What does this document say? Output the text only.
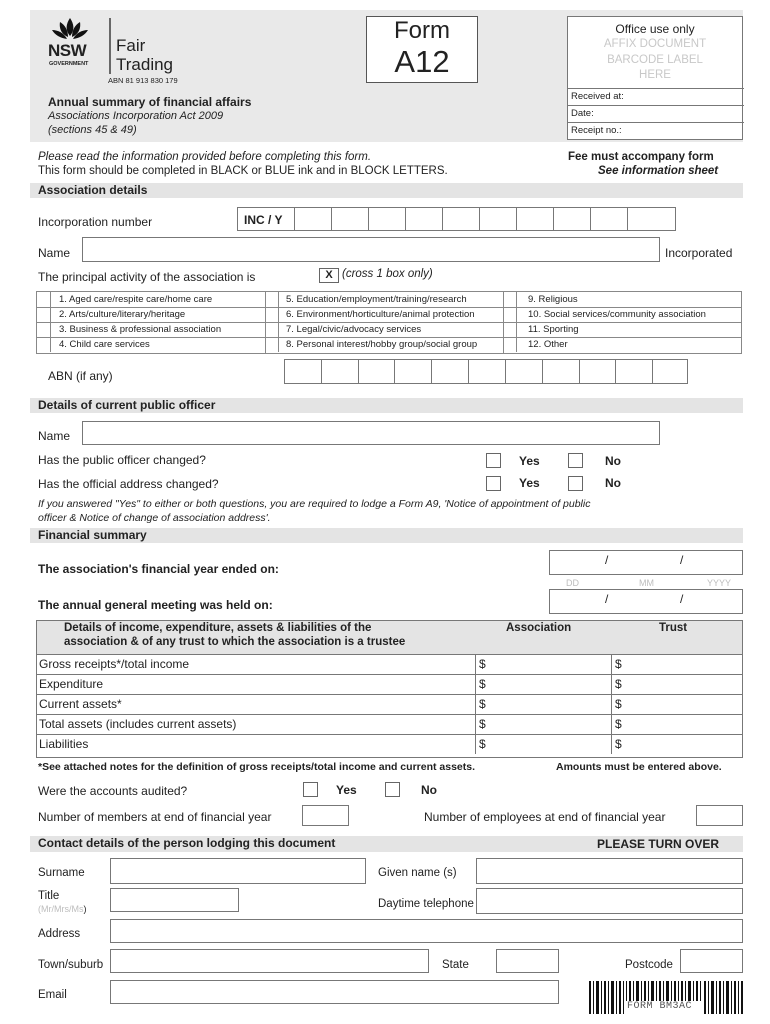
NSW
GOVERNMENT
Fair
Trading
ABN 81 913 830 179
Annual summary of financial affairs
Associations Incorporation Act 2009
(sections 45 & 49)
Form
A12
Office use only
AFFIX DOCUMENT
BARCODE LABEL
HERE
Received at:
Date:
Receipt no.:
Please read the information provided before completing this form.
This form should be completed in BLACK or BLUE ink and in BLOCK LETTERS.
Fee must accompany form
See information sheet
Association details
Incorporation number	INC / Y
Name	Incorporated
The principal activity of the association is	X (cross 1 box only)
1. Aged care/respite care/home care
2. Arts/culture/literary/heritage
3. Business & professional association
4. Child care services
5. Education/employment/training/research
6. Environment/horticulture/animal protection
7. Legal/civic/advocacy services
8. Personal interest/hobby group/social group
9. Religious
10. Social services/community association
11. Sporting
12. Other
ABN (if any)
Details of current public officer
Name
Has the public officer changed?	Yes	No
Has the official address changed?	Yes	No
If you answered "Yes" to either or both questions, you are required to lodge a Form A9, 'Notice of appointment of public
officer & Notice of change of association address'.
Financial summary
The association's financial year ended on:
/	/
DD	MM	YYYY
The annual general meeting was held on:	/	/
Details of income, expenditure, assets & liabilities of the
association & of any trust to which the association is a trustee
Association	Trust
Gross receipts*/total income	$	$
Expenditure	$	$
Current assets*	$	$
Total assets (includes current assets)	$	$
Liabilities	$	$
*See attached notes for the definition of gross receipts/total income and current assets.	Amounts must be entered above.
Were the accounts audited?	Yes	No
Number of members at end of financial year	Number of employees at end of financial year
Contact details of the person lodging this document	PLEASE TURN OVER
Surname	Given name (s)
Title
(Mr/Mrs/Ms)	Daytime telephone
Address
Town/suburb	State	Postcode
Email
FORM BM3AC
